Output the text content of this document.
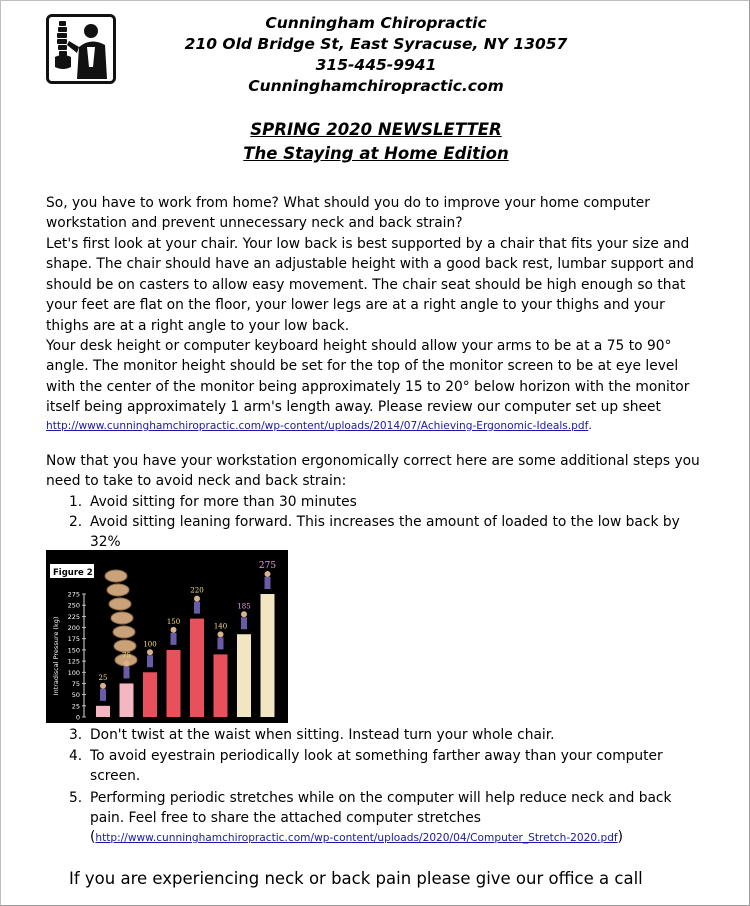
Cunningham Chiropractic
210 Old Bridge St, East Syracuse, NY 13057
315-445-9941
Cunninghamchiropractic.com
SPRING 2020 NEWSLETTER
The Staying at Home Edition
So, you have to work from home? What should you do to improve your home computer workstation and prevent unnecessary neck and back strain?
Let's first look at your chair. Your low back is best supported by a chair that fits your size and shape. The chair should have an adjustable height with a good back rest, lumbar support and should be on casters to allow easy movement. The chair seat should be high enough so that your feet are flat on the floor, your lower legs are at a right angle to your thighs and your thighs are at a right angle to your low back.
Your desk height or computer keyboard height should allow your arms to be at a 75 to 90° angle. The monitor height should be set for the top of the monitor screen to be at eye level with the center of the monitor being approximately 15 to 20° below horizon with the monitor itself being approximately 1 arm's length away. Please review our computer set up sheet
http://www.cunninghamchiropractic.com/wp-content/uploads/2014/07/Achieving-Ergonomic-Ideals.pdf.
Now that you have your workstation ergonomically correct here are some additional steps you need to take to avoid neck and back strain:
1. Avoid sitting for more than 30 minutes
2. Avoid sitting leaning forward. This increases the amount of loaded to the low back by 32%
Figure 2
275
250
225
200
175
150
125
100
75
50
25
0
Intradiscal Pressure (kg)	25
75
100
150
220
140
185
275
3. Don't twist at the waist when sitting. Instead turn your whole chair.
4. To avoid eyestrain periodically look at something farther away than your computer screen.
5. Performing periodic stretches while on the computer will help reduce neck and back pain. Feel free to share the attached computer stretches
(http://www.cunninghamchiropractic.com/wp-content/uploads/2020/04/Computer_Stretch-2020.pdf)
If you are experiencing neck or back pain please give our office a call
